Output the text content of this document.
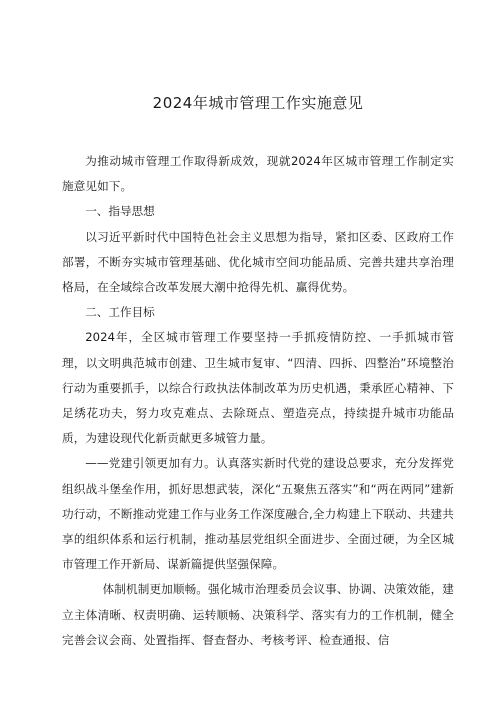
2024年城市管理工作实施意见

为推动城市管理工作取得新成效，现就2024年区城市管理工作制定实施意见如下。

一、指导思想

以习近平新时代中国特色社会主义思想为指导，紧扣区委、区政府工作部署，不断夯实城市管理基础、优化城市空间功能品质、完善共建共享治理格局，在全域综合改革发展大潮中抢得先机、赢得优势。

二、工作目标

2024年，全区城市管理工作要坚持一手抓疫情防控、一手抓城市管理，以文明典范城市创建、卫生城市复审、“四清、四拆、四整治”环境整治行动为重要抓手，以综合行政执法体制改革为历史机遇，秉承匠心精神、下足绣花功夫，努力攻克难点、去除斑点、塑造亮点，持续提升城市功能品质，为建设现代化新贡献更多城管力量。

——党建引领更加有力。认真落实新时代党的建设总要求，充分发挥党组织战斗堡垒作用，抓好思想武装，深化“五聚焦五落实”和“两在两同”建新功行动，不断推动党建工作与业务工作深度融合,全力构建上下联动、共建共享的组织体系和运行机制，推动基层党组织全面进步、全面过硬，为全区城市管理工作开新局、谋新篇提供坚强保障。

体制机制更加顺畅。强化城市治理委员会议事、协调、决策效能，建立主体清晰、权责明确、运转顺畅、决策科学、落实有力的工作机制，健全完善会议会商、处置指挥、督查督办、考核考评、检查通报、信
